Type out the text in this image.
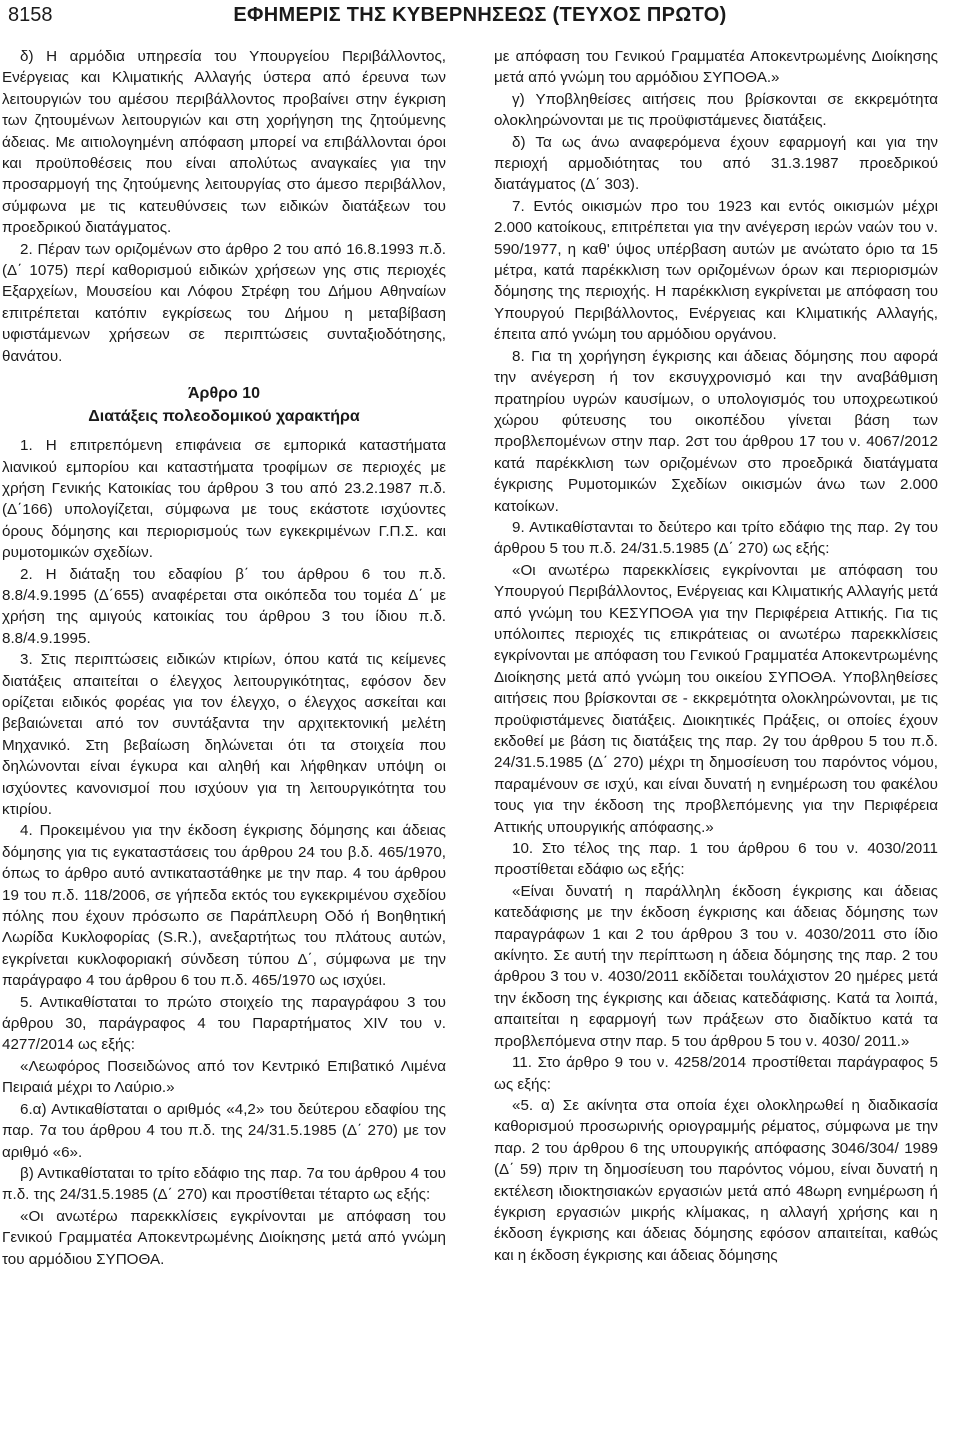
8158	ΕΦΗΜΕΡΙΣ ΤΗΣ ΚΥΒΕΡΝΗΣΕΩΣ (ΤΕΥΧΟΣ ΠΡΩΤΟ)

δ) Η αρμόδια υπηρεσία του Υπουργείου Περιβάλλοντος, Ενέργειας και Κλιματικής Αλλαγής ύστερα από έρευνα των λειτουργιών του αμέσου περιβάλλοντος προβαίνει στην έγκριση των ζητουμένων λειτουργιών και στη χορήγηση της ζητούμενης άδειας. Με αιτιολογημένη απόφαση μπορεί να επιβάλλονται όροι και προϋποθέσεις που είναι απολύτως αναγκαίες για την προσαρμογή της ζητούμενης λειτουργίας στο άμεσο περιβάλλον, σύμφωνα με τις κατευθύνσεις των ειδικών διατάξεων του προεδρικού διατάγματος.

2. Πέραν των οριζομένων στο άρθρο 2 του από 16.8.1993 π.δ. (Δ΄ 1075) περί καθορισμού ειδικών χρήσεων γης στις περιοχές Εξαρχείων, Μουσείου και Λόφου Στρέφη του Δήμου Αθηναίων επιτρέπεται κατόπιν εγκρίσεως του Δήμου η μεταβίβαση υφιστάμενων χρήσεων σε περιπτώσεις συνταξιοδότησης, θανάτου.

Άρθρο 10
Διατάξεις πολεοδομικού χαρακτήρα

1. Η επιτρεπόμενη επιφάνεια σε εμπορικά καταστήματα λιανικού εμπορίου και καταστήματα τροφίμων σε περιοχές με χρήση Γενικής Κατοικίας του άρθρου 3 του από 23.2.1987 π.δ. (Δ΄166) υπολογίζεται, σύμφωνα με τους εκάστοτε ισχύοντες όρους δόμησης και περιορισμούς των εγκεκριμένων Γ.Π.Σ. και ρυμοτομικών σχεδίων.

2. Η διάταξη του εδαφίου β΄ του άρθρου 6 του π.δ. 8.8/4.9.1995 (Δ΄655) αναφέρεται στα οικόπεδα του τομέα Δ΄ με χρήση της αμιγούς κατοικίας του άρθρου 3 του ίδιου π.δ. 8.8/4.9.1995.

3. Στις περιπτώσεις ειδικών κτιρίων, όπου κατά τις κείμενες διατάξεις απαιτείται ο έλεγχος λειτουργικότητας, εφόσον δεν ορίζεται ειδικός φορέας για τον έλεγχο, ο έλεγχος ασκείται και βεβαιώνεται από τον συντάξαντα την αρχιτεκτονική μελέτη Μηχανικό. Στη βεβαίωση δηλώνεται ότι τα στοιχεία που δηλώνονται είναι έγκυρα και αληθή και λήφθηκαν υπόψη οι ισχύοντες κανονισμοί που ισχύουν για τη λειτουργικότητα του κτιρίου.

4. Προκειμένου για την έκδοση έγκρισης δόμησης και άδειας δόμησης για τις εγκαταστάσεις του άρθρου 24 του β.δ. 465/1970, όπως το άρθρο αυτό αντικαταστάθηκε με την παρ. 4 του άρθρου 19 του π.δ. 118/2006, σε γήπεδα εκτός του εγκεκριμένου σχεδίου πόλης που έχουν πρόσωπο σε Παράπλευρη Οδό ή Βοηθητική Λωρίδα Κυκλοφορίας (S.R.), ανεξαρτήτως του πλάτους αυτών, εγκρίνεται κυκλοφοριακή σύνδεση τύπου Δ΄, σύμφωνα με την παράγραφο 4 του άρθρου 6 του π.δ. 465/1970 ως ισχύει.

5. Αντικαθίσταται το πρώτο στοιχείο της παραγράφου 3 του άρθρου 30, παράγραφος 4 του Παραρτήματος XIV του ν. 4277/2014 ως εξής:

«Λεωφόρος Ποσειδώνος από τον Κεντρικό Επιβατικό Λιμένα Πειραιά μέχρι το Λαύριο.»

6.α) Αντικαθίσταται ο αριθμός «4,2» του δεύτερου εδαφίου της παρ. 7α του άρθρου 4 του π.δ. της 24/31.5.1985 (Δ΄ 270) με τον αριθμό «6».

β) Αντικαθίσταται το τρίτο εδάφιο της παρ. 7α του άρθρου 4 του π.δ. της 24/31.5.1985 (Δ΄ 270) και προστίθεται τέταρτο ως εξής:

«Οι ανωτέρω παρεκκλίσεις εγκρίνονται με απόφαση του Γενικού Γραμματέα Αποκεντρωμένης Διοίκησης μετά από γνώμη του αρμόδιου ΣΥΠΟΘΑ.

με απόφαση του Γενικού Γραμματέα Αποκεντρωμένης Διοίκησης μετά από γνώμη του αρμόδιου ΣΥΠΟΘΑ.»

γ) Υποβληθείσες αιτήσεις που βρίσκονται σε εκκρεμότητα ολοκληρώνονται με τις προϋφιστάμενες διατάξεις.

δ) Τα ως άνω αναφερόμενα έχουν εφαρμογή και για την περιοχή αρμοδιότητας του από 31.3.1987 προεδρικού διατάγματος (Δ΄ 303).

7. Εντός οικισμών προ του 1923 και εντός οικισμών μέχρι 2.000 κατοίκους, επιτρέπεται για την ανέγερση ιερών ναών του ν. 590/1977, η καθ' ύψος υπέρβαση αυτών με ανώτατο όριο τα 15 μέτρα, κατά παρέκκλιση των οριζομένων όρων και περιορισμών δόμησης της περιοχής. Η παρέκκλιση εγκρίνεται με απόφαση του Υπουργού Περιβάλλοντος, Ενέργειας και Κλιματικής Αλλαγής, έπειτα από γνώμη του αρμόδιου οργάνου.

8. Για τη χορήγηση έγκρισης και άδειας δόμησης που αφορά την ανέγερση ή τον εκσυγχρονισμό και την αναβάθμιση πρατηρίου υγρών καυσίμων, ο υπολογισμός του υποχρεωτικού χώρου φύτευσης του οικοπέδου γίνεται βάση των προβλεπομένων στην παρ. 2στ του άρθρου 17 του ν. 4067/2012 κατά παρέκκλιση των οριζομένων στο προεδρικά διατάγματα έγκρισης Ρυμοτομικών Σχεδίων οικισμών άνω των 2.000 κατοίκων.

9. Αντικαθίστανται το δεύτερο και τρίτο εδάφιο της παρ. 2γ του άρθρου 5 του π.δ. 24/31.5.1985 (Δ΄ 270) ως εξής:

«Οι ανωτέρω παρεκκλίσεις εγκρίνονται με απόφαση του Υπουργού Περιβάλλοντος, Ενέργειας και Κλιματικής Αλλαγής μετά από γνώμη του ΚΕΣΥΠΟΘΑ για την Περιφέρεια Αττικής. Για τις υπόλοιπες περιοχές τις επικράτειας οι ανωτέρω παρεκκλίσεις εγκρίνονται με απόφαση του Γενικού Γραμματέα Αποκεντρωμένης Διοίκησης μετά από γνώμη του οικείου ΣΥΠΟΘΑ. Υποβληθείσες αιτήσεις που βρίσκονται σε - εκκρεμότητα ολοκληρώνονται, με τις προϋφιστάμενες διατάξεις. Διοικητικές Πράξεις, οι οποίες έχουν εκδοθεί με βάση τις διατάξεις της παρ. 2γ του άρθρου 5 του π.δ. 24/31.5.1985 (Δ΄ 270) μέχρι τη δημοσίευση του παρόντος νόμου, παραμένουν σε ισχύ, και είναι δυνατή η ενημέρωση του φακέλου τους για την έκδοση της προβλεπόμενης για την Περιφέρεια Αττικής υπουργικής απόφασης.»

10. Στο τέλος της παρ. 1 του άρθρου 6 του ν. 4030/2011 προστίθεται εδάφιο ως εξής:

«Είναι δυνατή η παράλληλη έκδοση έγκρισης και άδειας κατεδάφισης με την έκδοση έγκρισης και άδειας δόμησης των παραγράφων 1 και 2 του άρθρου 3 του ν. 4030/2011 στο ίδιο ακίνητο. Σε αυτή την περίπτωση η άδεια δόμησης της παρ. 2 του άρθρου 3 του ν. 4030/2011 εκδίδεται τουλάχιστον 20 ημέρες μετά την έκδοση της έγκρισης και άδειας κατεδάφισης. Κατά τα λοιπά, απαιτείται η εφαρμογή των πράξεων στο διαδίκτυο κατά τα προβλεπόμενα στην παρ. 5 του άρθρου 5 του ν. 4030/ 2011.»

11. Στο άρθρο 9 του ν. 4258/2014 προστίθεται παράγραφος 5 ως εξής:

«5. α) Σε ακίνητα στα οποία έχει ολοκληρωθεί η διαδικασία καθορισμού προσωρινής οριογραμμής ρέματος, σύμφωνα με την παρ. 2 του άρθρου 6 της υπουργικής απόφασης 3046/304/ 1989 (Δ΄ 59) πριν τη δημοσίευση του παρόντος νόμου, είναι δυνατή η εκτέλεση ιδιοκτησιακών εργασιών μετά από 48ωρη ενημέρωση ή έγκριση εργασιών μικρής κλίμακας, η αλλαγή χρήσης και η έκδοση έγκρισης και άδειας δόμησης εφόσον απαιτείται, καθώς και η έκδοση έγκρισης και άδειας δόμησης
